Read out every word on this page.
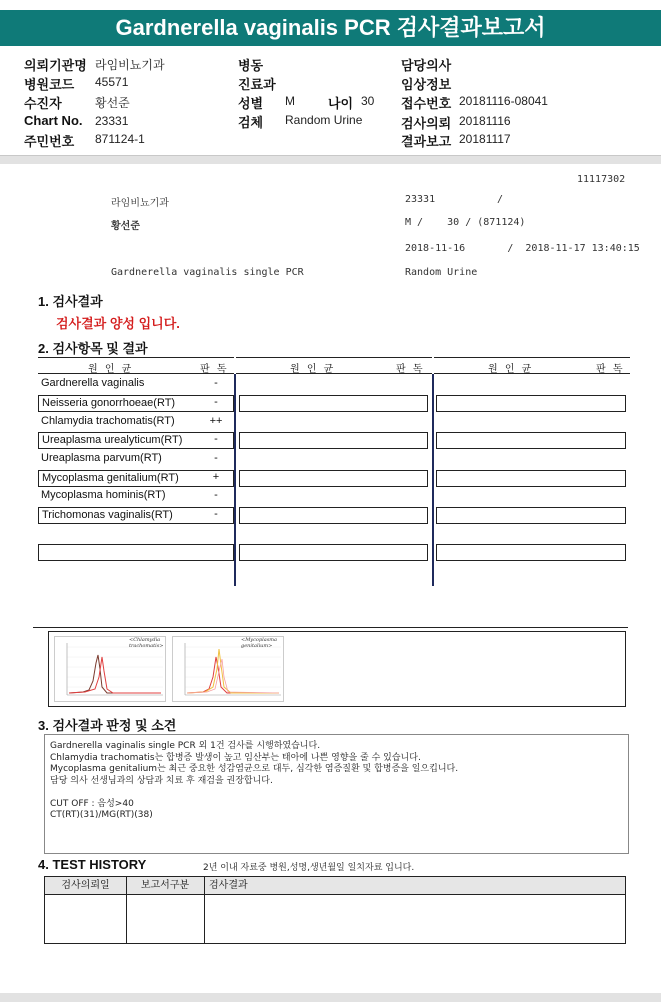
Gardnerella vaginalis PCR 검사결과보고서
의뢰기관명 라임비뇨기과
병원코드 45571
수진자	황선준
Chart No. 23331
주민번호 871124-1
병동
진료과
성별 M	나이 30
검체 Random Urine
담당의사
임상정보
접수번호 20181116-08041
검사의뢰 20181116
결과보고 20181117
11117302
라임비뇨기과	23331	/
황선준	M /    30 / (871124)
2018-11-16       /  2018-11-17 13:40:15
Gardnerella vaginalis single PCR	Random Urine
1. 검사결과
검사결과 양성 입니다.
2. 검사항목 및 결과
원 인 균	판 독	원 인 균	판 독	원 인 균	판 독
Gardnerella vaginalis	-
Neisseria gonorrhoeae(RT)	-
Chlamydia trachomatis(RT)	++
Ureaplasma urealyticum(RT)	-
Ureaplasma parvum(RT)	-
Mycoplasma genitalium(RT)	+
Mycoplasma hominis(RT)	-
Trichomonas vaginalis(RT)	-
<Chlamydia trachomatis>
<Mycoplasma genitalium>
3. 검사결과 판정 및 소견
Gardnerella vaginalis single PCR 외 1건 검사를 시행하였습니다.
Chlamydia trachomatis는 합병증 발생이 높고 임산부는 태아에 나쁜 영향을 줄 수 있습니다.
Mycoplasma genitalium는 최근 중요한 성감염균으로 대두, 심각한 염증질환 및 합병증을 일으킵니다.
담당 의사 선생님과의 상담과 치료 후 재검을 권장합니다.
CUT OFF : 음성>40
CT(RT)(31)/MG(RT)(38)
4. TEST HISTORY	2년 이내 자료중 병원,성명,생년월일 일치자료 입니다.
검사의뢰일	보고서구분	검사결과
